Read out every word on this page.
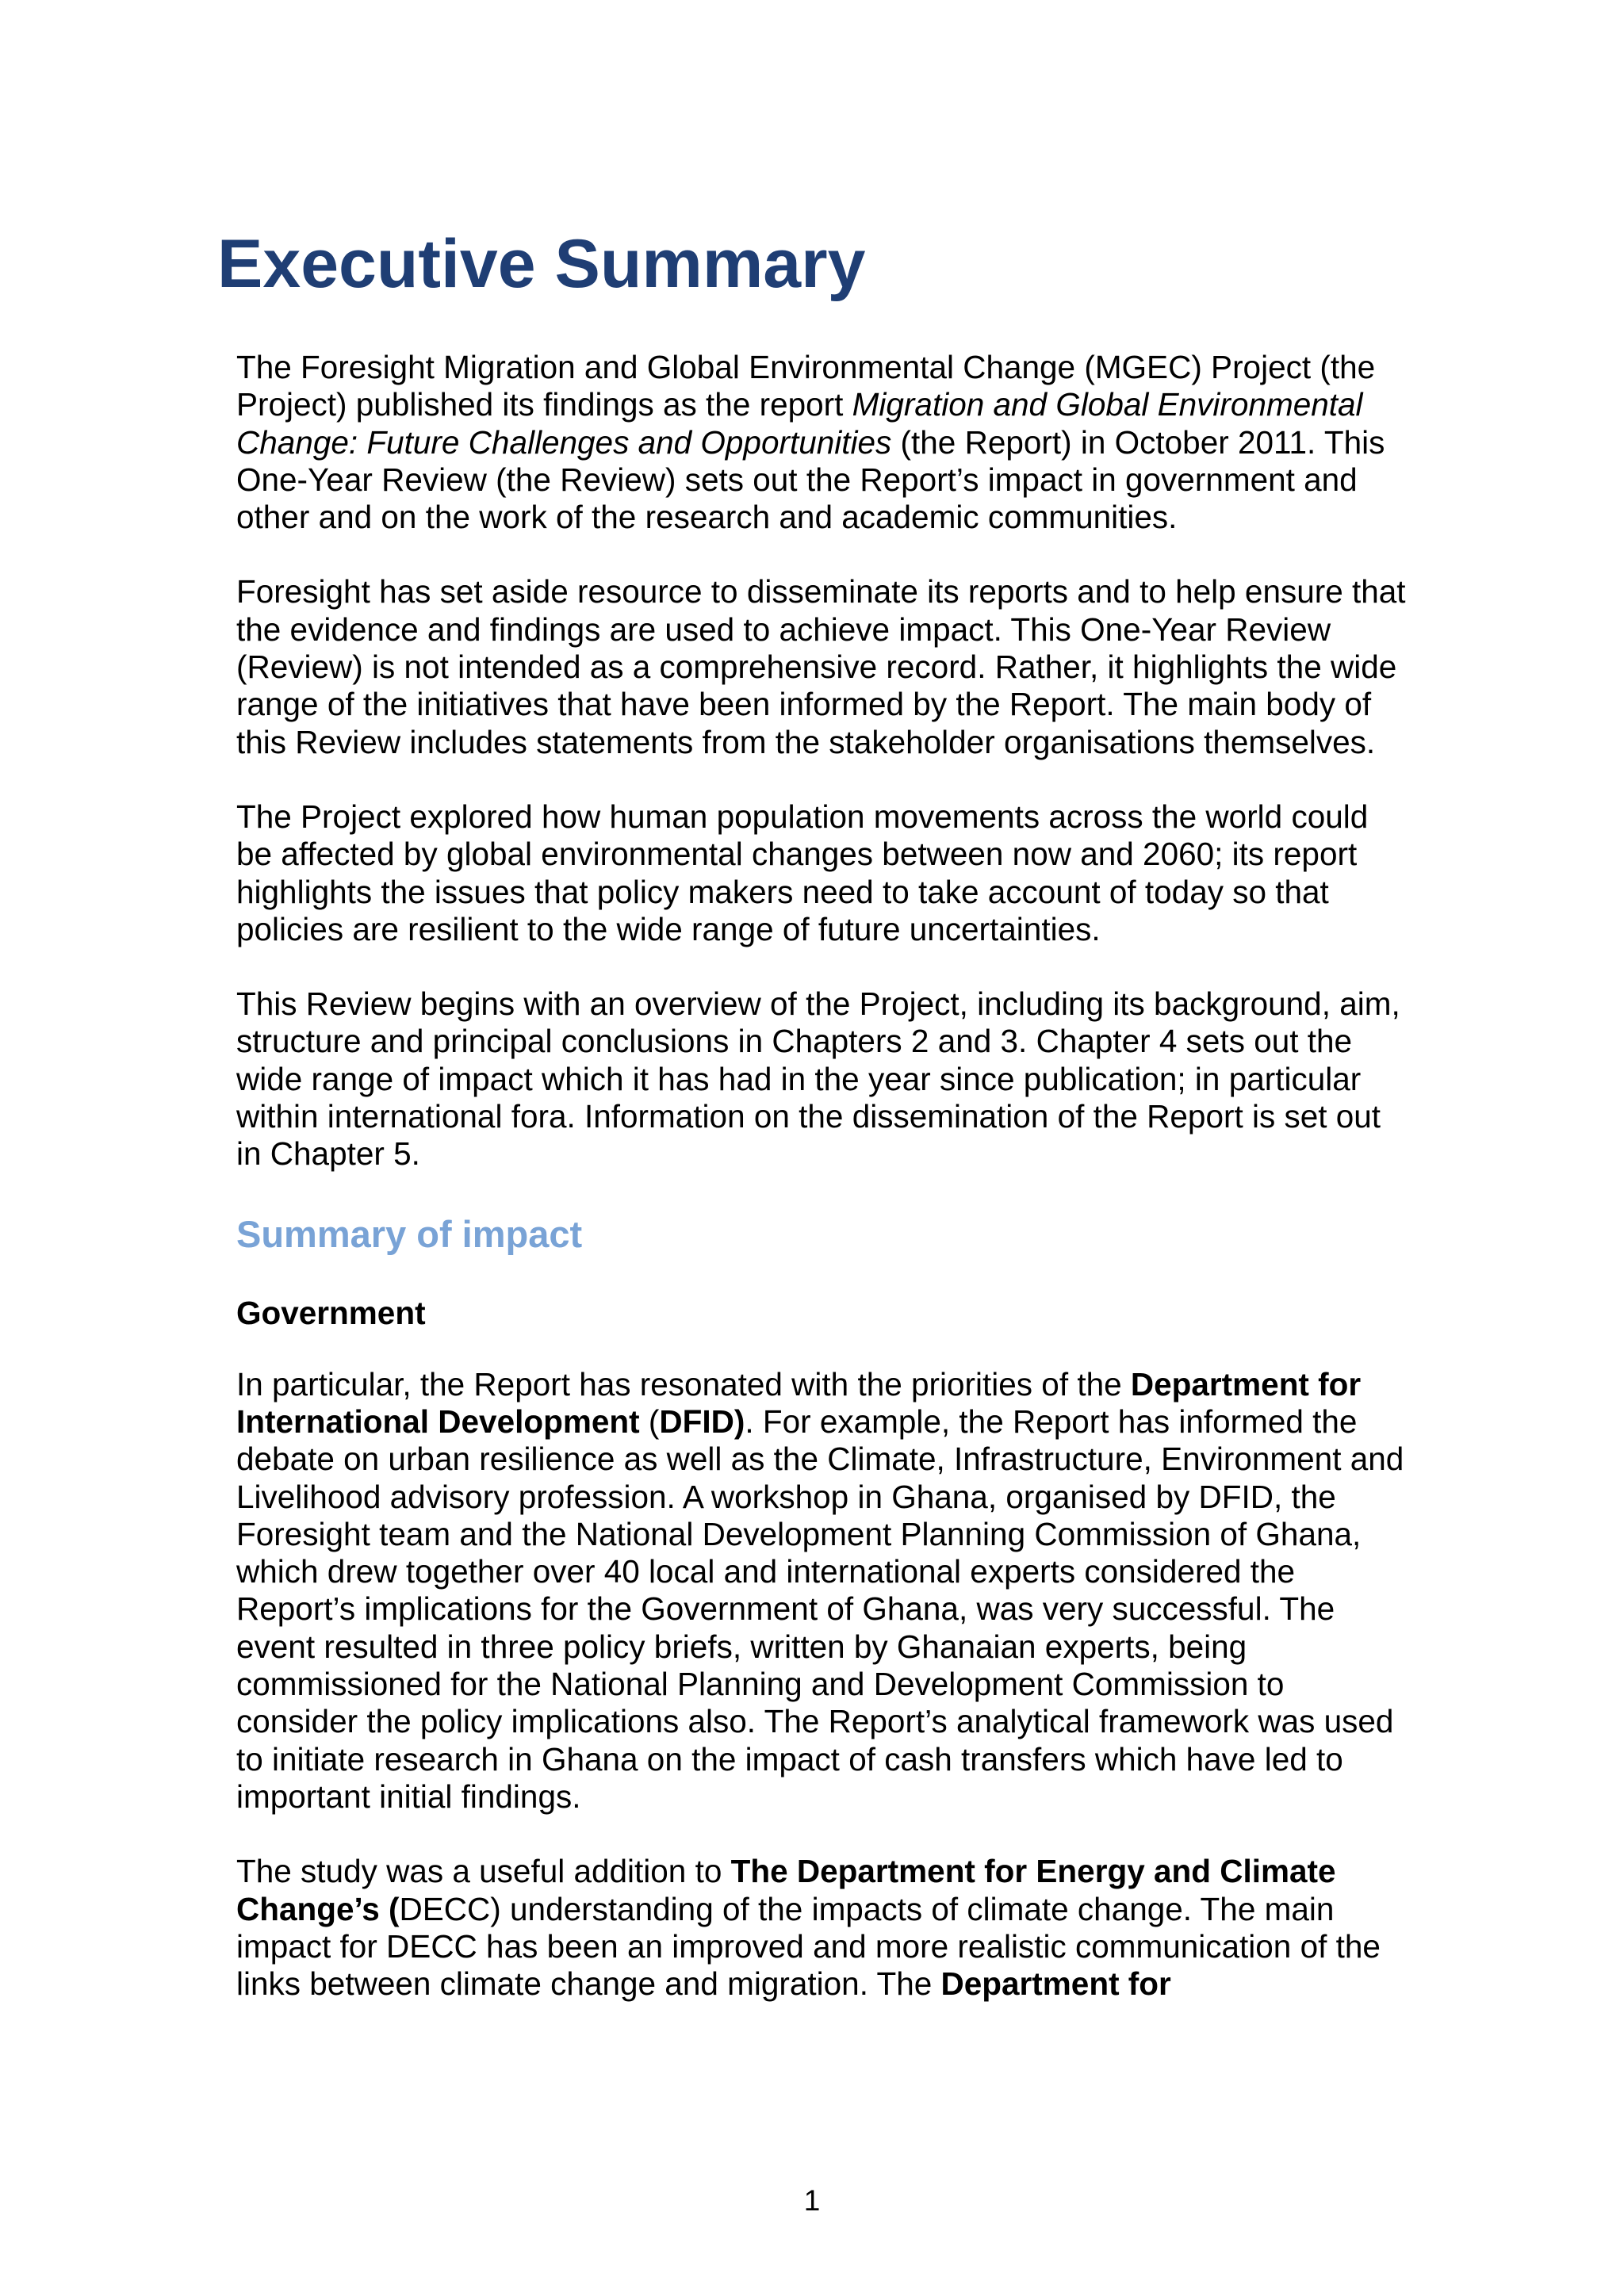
Executive Summary

The Foresight Migration and Global Environmental Change (MGEC) Project (the Project) published its findings as the report Migration and Global Environmental Change: Future Challenges and Opportunities (the Report) in October 2011. This One-Year Review (the Review) sets out the Report’s impact in government and other and on the work of the research and academic communities.

Foresight has set aside resource to disseminate its reports and to help ensure that the evidence and findings are used to achieve impact. This One-Year Review (Review) is not intended as a comprehensive record. Rather, it highlights the wide range of the initiatives that have been informed by the Report. The main body of this Review includes statements from the stakeholder organisations themselves.

The Project explored how human population movements across the world could be affected by global environmental changes between now and 2060; its report highlights the issues that policy makers need to take account of today so that policies are resilient to the wide range of future uncertainties.

This Review begins with an overview of the Project, including its background, aim, structure and principal conclusions in Chapters 2 and 3. Chapter 4 sets out the wide range of impact which it has had in the year since publication; in particular within international fora. Information on the dissemination of the Report is set out in Chapter 5.

Summary of impact
Government

In particular, the Report has resonated with the priorities of the Department for International Development (DFID). For example, the Report has informed the debate on urban resilience as well as the Climate, Infrastructure, Environment and Livelihood advisory profession. A workshop in Ghana, organised by DFID, the Foresight team and the National Development Planning Commission of Ghana, which drew together over 40 local and international experts considered the Report’s implications for the Government of Ghana, was very successful. The event resulted in three policy briefs, written by Ghanaian experts, being commissioned for the National Planning and Development Commission to consider the policy implications also. The Report’s analytical framework was used to initiate research in Ghana on the impact of cash transfers which have led to important initial findings.

The study was a useful addition to The Department for Energy and Climate Change’s (DECC) understanding of the impacts of climate change. The main impact for DECC has been an improved and more realistic communication of the links between climate change and migration. The Department for

1
